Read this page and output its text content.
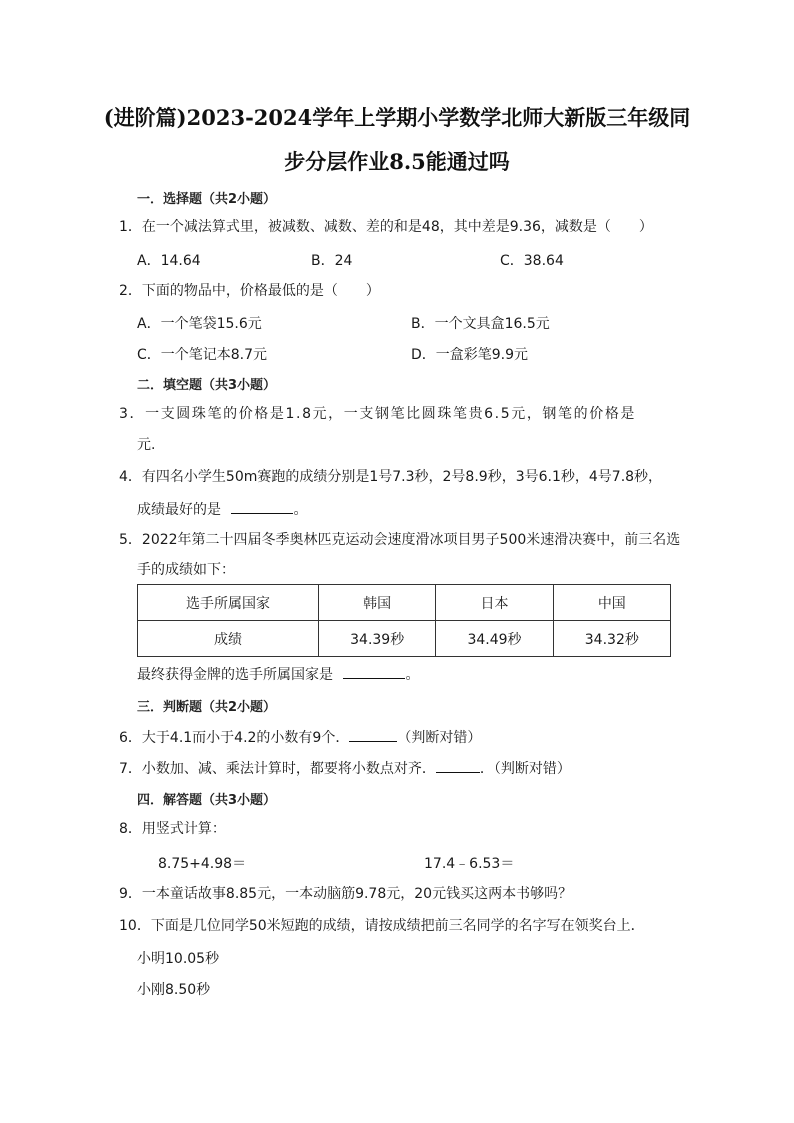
(进阶篇)2023-2024学年上学期小学数学北师大新版三年级同
步分层作业8.5能通过吗
一．选择题（共2小题）
1．在一个减法算式里，被减数、减数、差的和是48，其中差是9.36，减数是（　　）
A．14.64	B．24	C．38.64
2．下面的物品中，价格最低的是（　　）
A．一个笔袋15.6元	B．一个文具盒16.5元
C．一个笔记本8.7元	D．一盒彩笔9.9元
二．填空题（共3小题）
3．一支圆珠笔的价格是1.8元，一支钢笔比圆珠笔贵6.5元，钢笔的价格是
元.
4．有四名小学生50m赛跑的成绩分别是1号7.3秒，2号8.9秒，3号6.1秒，4号7.8秒，
成绩最好的是	。
5．2022年第二十四届冬季奥林匹克运动会速度滑冰项目男子500米速滑决赛中，前三名选
手的成绩如下：
选手所属国家	韩国	日本	中国
成绩	34.39秒	34.49秒	34.32秒
最终获得金牌的选手所属国家是	。
三．判断题（共2小题）
6．大于4.1而小于4.2的小数有9个．	（判断对错）
7．小数加、减、乘法计算时，都要将小数点对齐．	．（判断对错）
四．解答题（共3小题）
8．用竖式计算：
8.75+4.98＝	17.4﹣6.53＝
9．一本童话故事8.85元，一本动脑筋9.78元，20元钱买这两本书够吗？
10．下面是几位同学50米短跑的成绩，请按成绩把前三名同学的名字写在领奖台上．
小明10.05秒
小刚8.50秒
